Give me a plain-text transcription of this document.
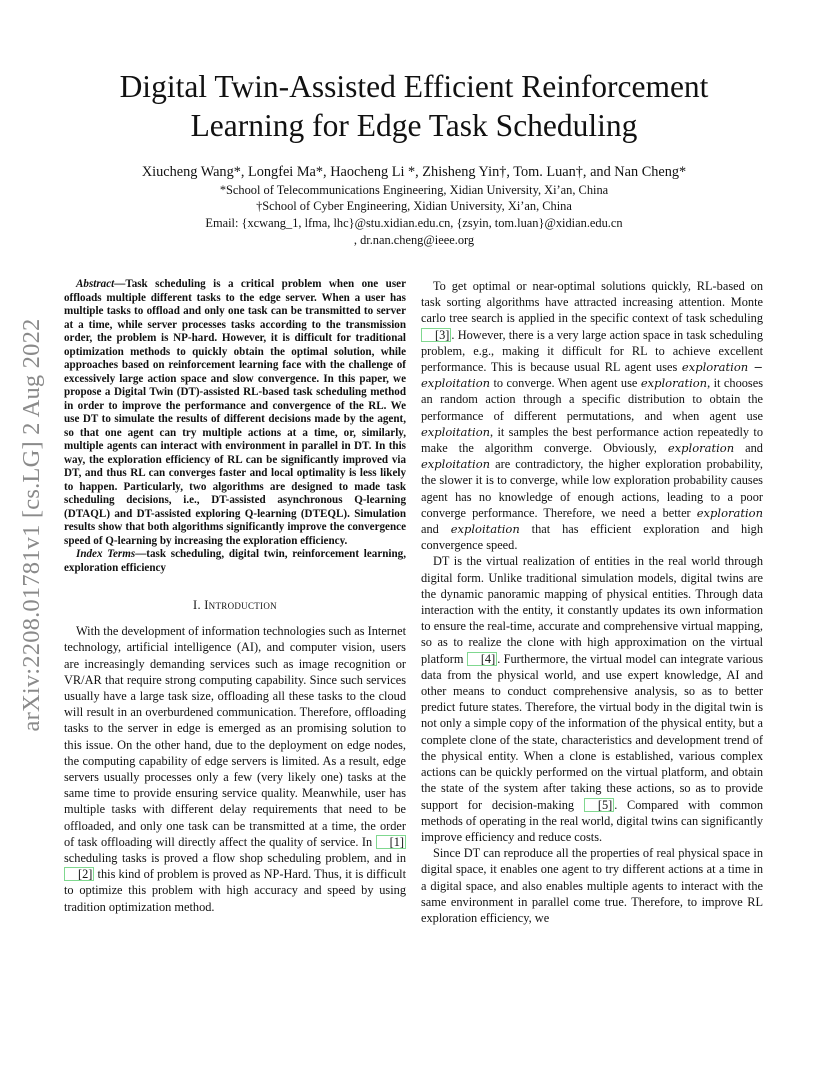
arXiv:2208.01781v1 [cs.LG] 2 Aug 2022
Digital Twin-Assisted Efficient Reinforcement Learning for Edge Task Scheduling
Xiucheng Wang*, Longfei Ma*, Haocheng Li *, Zhisheng Yin†, Tom. Luan†, and Nan Cheng*
*School of Telecommunications Engineering, Xidian University, Xi’an, China
†School of Cyber Engineering, Xidian University, Xi’an, China
Email: {xcwang_1, lfma, lhc}@stu.xidian.edu.cn, {zsyin, tom.luan}@xidian.edu.cn
, dr.nan.cheng@ieee.org

Abstract—Task scheduling is a critical problem when one user offloads multiple different tasks to the edge server. When a user has multiple tasks to offload and only one task can be transmitted to server at a time, while server processes tasks according to the transmission order, the problem is NP-hard. However, it is difficult for traditional optimization methods to quickly obtain the optimal solution, while approaches based on reinforcement learning face with the challenge of excessively large action space and slow convergence. In this paper, we propose a Digital Twin (DT)-assisted RL-based task scheduling method in order to improve the performance and convergence of the RL. We use DT to simulate the results of different decisions made by the agent, so that one agent can try multiple actions at a time, or, similarly, multiple agents can interact with environment in parallel in DT. In this way, the exploration efficiency of RL can be significantly improved via DT, and thus RL can converges faster and local optimality is less likely to happen. Particularly, two algorithms are designed to made task scheduling decisions, i.e., DT-assisted asynchronous Q-learning (DTAQL) and DT-assisted exploring Q-learning (DTEQL). Simulation results show that both algorithms significantly improve the convergence speed of Q-learning by increasing the exploration efficiency.

Index Terms—task scheduling, digital twin, reinforcement learning, exploration efficiency

I. Introduction

With the development of information technologies such as Internet technology, artificial intelligence (AI), and computer vision, users are increasingly demanding services such as image recognition or VR/AR that require strong computing capability. Since such services usually have a large task size, offloading all these tasks to the cloud will result in an overburdened communication. Therefore, offloading tasks to the server in edge is emerged as an promising solution to this issue. On the other hand, due to the deployment on edge nodes, the computing capability of edge servers is limited. As a result, edge servers usually processes only a few (very likely one) tasks at the same time to provide ensuring service quality. Meanwhile, user has multiple tasks with different delay requirements that need to be offloaded, and only one task can be transmitted at a time, the order of task offloading will directly affect the quality of service. In [1] scheduling tasks is proved a flow shop scheduling problem, and in [2] this kind of problem is proved as NP-Hard. Thus, it is difficult to optimize this problem with high accuracy and speed by using tradition optimization method.

To get optimal or near-optimal solutions quickly, RL-based on task sorting algorithms have attracted increasing attention. Monte carlo tree search is applied in the specific context of task scheduling [3] . However, there is a very large action space in task scheduling problem, e.g., making it difficult for RL to achieve excellent performance. This is because usual RL agent uses exploration − exploitation to converge. When agent use exploration, it chooses an random action through a specific distribution to obtain the performance of different permutations, and when agent use exploitation, it samples the best performance action repeatedly to make the algorithm converge. Obviously, exploration and exploitation are contradictory, the higher exploration probability, the slower it is to converge, while low exploration probability causes agent has no knowledge of enough actions, leading to a poor converge performance. Therefore, we need a better exploration and exploitation that has efficient exploration and high convergence speed.

DT is the virtual realization of entities in the real world through digital form. Unlike traditional simulation models, digital twins are the dynamic panoramic mapping of physical entities. Through data interaction with the entity, it constantly updates its own information to ensure the real-time, accurate and comprehensive virtual mapping, so as to realize the clone with high approximation on the virtual platform [4] . Furthermore, the virtual model can integrate various data from the physical world, and use expert knowledge, AI and other means to conduct comprehensive analysis, so as to better predict future states. Therefore, the virtual body in the digital twin is not only a simple copy of the information of the physical entity, but a complete clone of the state, characteristics and development trend of the physical entity. When a clone is established, various complex actions can be quickly performed on the virtual platform, and obtain the state of the system after taking these actions, so as to provide support for decision-making [5] . Compared with common methods of operating in the real world, digital twins can significantly improve efficiency and reduce costs.

Since DT can reproduce all the properties of real physical space in digital space, it enables one agent to try different actions at a time in a digital space, and also enables multiple agents to interact with the same environment in parallel come true. Therefore, to improve RL exploration efficiency, we
